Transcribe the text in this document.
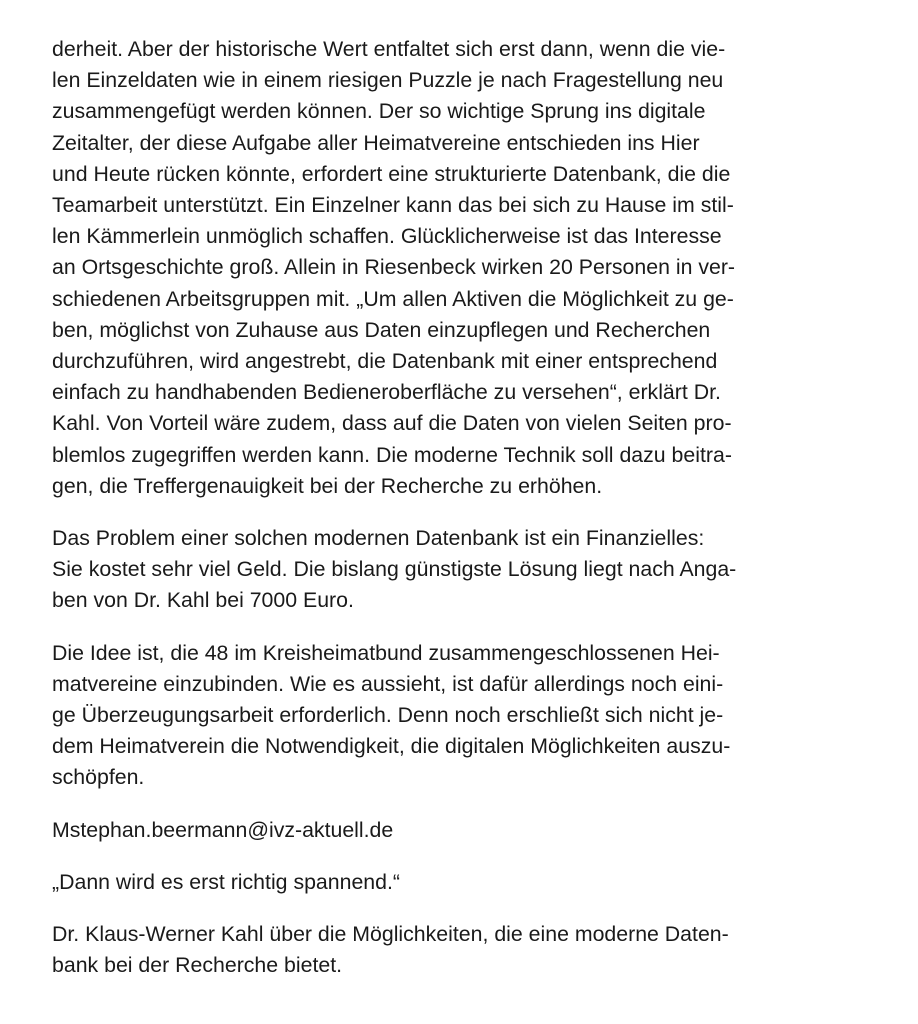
derheit. Aber der historische Wert entfaltet sich erst dann, wenn die vie-
len Einzeldaten wie in einem riesigen Puzzle je nach Fragestellung neu
zusammengefügt werden können. Der so wichtige Sprung ins digitale
Zeitalter, der diese Aufgabe aller Heimatvereine entschieden ins Hier
und Heute rücken könnte, erfordert eine strukturierte Datenbank, die die
Teamarbeit unterstützt. Ein Einzelner kann das bei sich zu Hause im stil-
len Kämmerlein unmöglich schaffen. Glücklicherweise ist das Interesse
an Ortsgeschichte groß. Allein in Riesenbeck wirken 20 Personen in ver-
schiedenen Arbeitsgruppen mit. „Um allen Aktiven die Möglichkeit zu ge-
ben, möglichst von Zuhause aus Daten einzupflegen und Recherchen
durchzuführen, wird angestrebt, die Datenbank mit einer entsprechend
einfach zu handhabenden Bedieneroberfläche zu versehen“, erklärt Dr.
Kahl. Von Vorteil wäre zudem, dass auf die Daten von vielen Seiten pro-
blemlos zugegriffen werden kann. Die moderne Technik soll dazu beitra-
gen, die Treffergenauigkeit bei der Recherche zu erhöhen.

Das Problem einer solchen modernen Datenbank ist ein Finanzielles:
Sie kostet sehr viel Geld. Die bislang günstigste Lösung liegt nach Anga-
ben von Dr. Kahl bei 7000 Euro.

Die Idee ist, die 48 im Kreisheimatbund zusammengeschlossenen Hei-
matvereine einzubinden. Wie es aussieht, ist dafür allerdings noch eini-
ge Überzeugungsarbeit erforderlich. Denn noch erschließt sich nicht je-
dem Heimatverein die Notwendigkeit, die digitalen Möglichkeiten auszu-
schöpfen.

Mstephan.beermann@ivz-aktuell.de

„Dann wird es erst richtig spannend.“

Dr. Klaus-Werner Kahl über die Möglichkeiten, die eine moderne Daten-
bank bei der Recherche bietet.
